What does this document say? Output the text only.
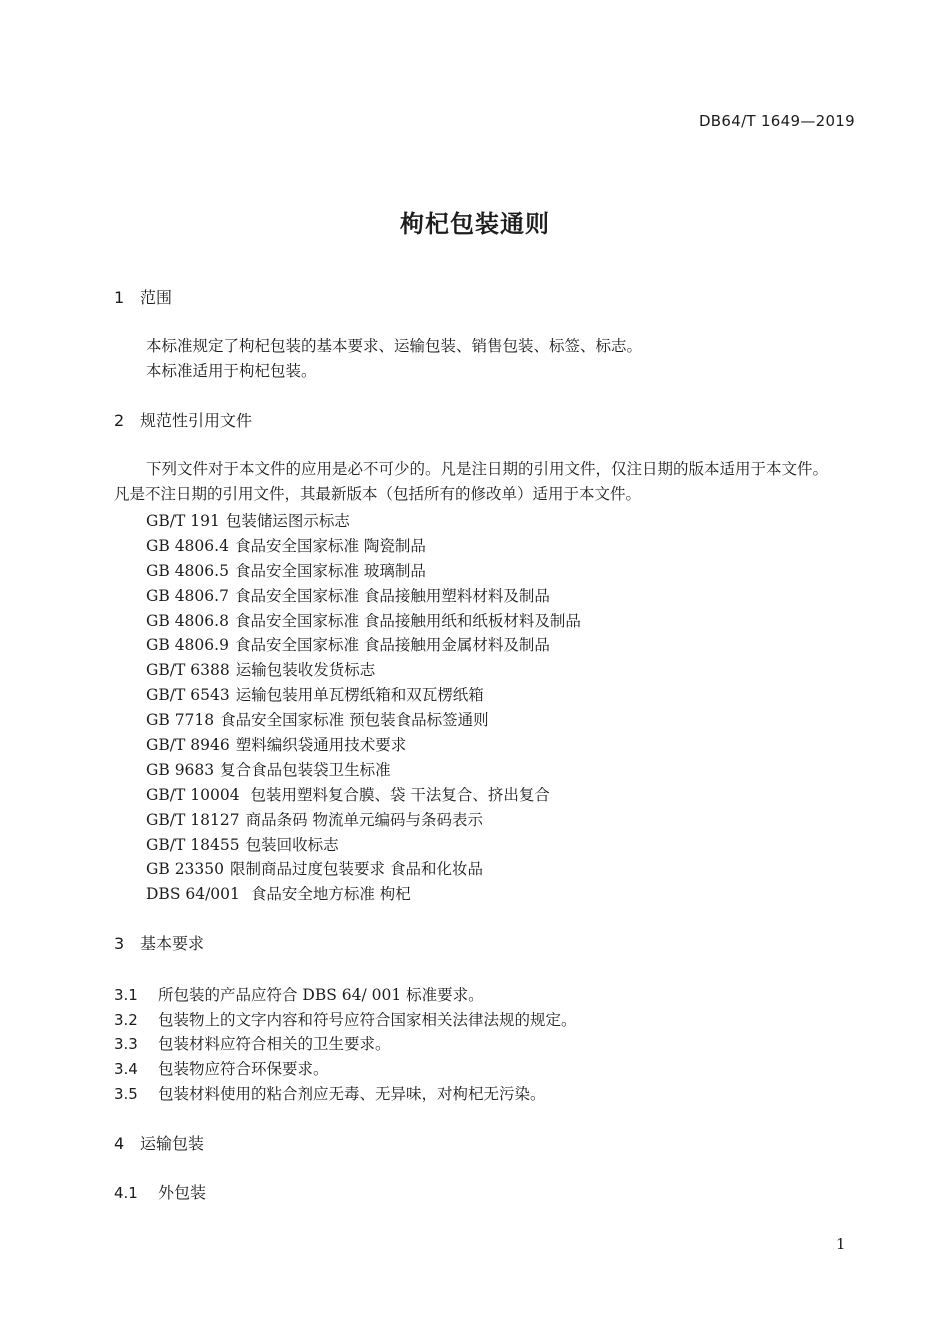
DB64/T 1649—2019
枸杞包装通则
1 范围
本标准规定了枸杞包装的基本要求、运输包装、销售包装、标签、标志。
本标准适用于枸杞包装。
2 规范性引用文件
下列文件对于本文件的应用是必不可少的。凡是注日期的引用文件，仅注日期的版本适用于本文件。
凡是不注日期的引用文件，其最新版本（包括所有的修改单）适用于本文件。
GB/T 191 包装储运图示标志
GB 4806.4 食品安全国家标准 陶瓷制品
GB 4806.5 食品安全国家标准 玻璃制品
GB 4806.7 食品安全国家标准 食品接触用塑料材料及制品
GB 4806.8 食品安全国家标准 食品接触用纸和纸板材料及制品
GB 4806.9 食品安全国家标准 食品接触用金属材料及制品
GB/T 6388 运输包装收发货标志
GB/T 6543 运输包装用单瓦楞纸箱和双瓦楞纸箱
GB 7718 食品安全国家标准 预包装食品标签通则
GB/T 8946 塑料编织袋通用技术要求
GB 9683 复合食品包装袋卫生标准
GB/T 10004 包装用塑料复合膜、袋 干法复合、挤出复合
GB/T 18127 商品条码 物流单元编码与条码表示
GB/T 18455 包装回收标志
GB 23350 限制商品过度包装要求 食品和化妆品
DBS 64/001 食品安全地方标准 枸杞
3 基本要求
3.1 所包装的产品应符合 DBS 64/ 001 标准要求。
3.2 包装物上的文字内容和符号应符合国家相关法律法规的规定。
3.3 包装材料应符合相关的卫生要求。
3.4 包装物应符合环保要求。
3.5 包装材料使用的粘合剂应无毒、无异味，对枸杞无污染。
4 运输包装
4.1 外包装
1
